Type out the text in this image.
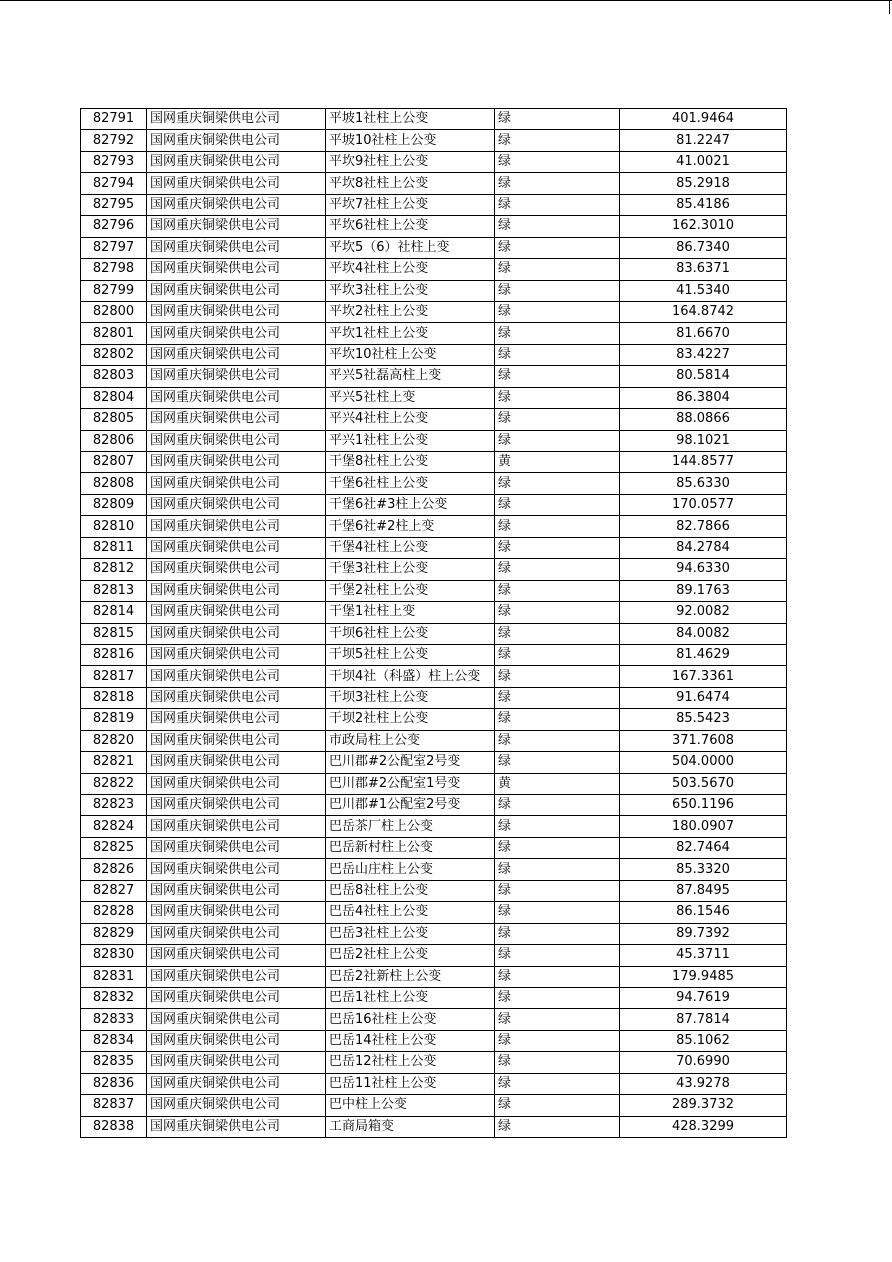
82791	国网重庆铜梁供电公司	平坡1社柱上公变	绿	401.9464
82792	国网重庆铜梁供电公司	平坡10社柱上公变	绿	81.2247
82793	国网重庆铜梁供电公司	平坎9社柱上公变	绿	41.0021
82794	国网重庆铜梁供电公司	平坎8社柱上公变	绿	85.2918
82795	国网重庆铜梁供电公司	平坎7社柱上公变	绿	85.4186
82796	国网重庆铜梁供电公司	平坎6社柱上公变	绿	162.3010
82797	国网重庆铜梁供电公司	平坎5（6）社柱上变	绿	86.7340
82798	国网重庆铜梁供电公司	平坎4社柱上公变	绿	83.6371
82799	国网重庆铜梁供电公司	平坎3社柱上公变	绿	41.5340
82800	国网重庆铜梁供电公司	平坎2社柱上公变	绿	164.8742
82801	国网重庆铜梁供电公司	平坎1社柱上公变	绿	81.6670
82802	国网重庆铜梁供电公司	平坎10社柱上公变	绿	83.4227
82803	国网重庆铜梁供电公司	平兴5社磊高柱上变	绿	80.5814
82804	国网重庆铜梁供电公司	平兴5社柱上变	绿	86.3804
82805	国网重庆铜梁供电公司	平兴4社柱上公变	绿	88.0866
82806	国网重庆铜梁供电公司	平兴1社柱上公变	绿	98.1021
82807	国网重庆铜梁供电公司	干堡8社柱上公变	黄	144.8577
82808	国网重庆铜梁供电公司	干堡6社柱上公变	绿	85.6330
82809	国网重庆铜梁供电公司	干堡6社#3柱上公变	绿	170.0577
82810	国网重庆铜梁供电公司	干堡6社#2柱上变	绿	82.7866
82811	国网重庆铜梁供电公司	干堡4社柱上公变	绿	84.2784
82812	国网重庆铜梁供电公司	干堡3社柱上公变	绿	94.6330
82813	国网重庆铜梁供电公司	干堡2社柱上公变	绿	89.1763
82814	国网重庆铜梁供电公司	干堡1社柱上变	绿	92.0082
82815	国网重庆铜梁供电公司	干坝6社柱上公变	绿	84.0082
82816	国网重庆铜梁供电公司	干坝5社柱上公变	绿	81.4629
82817	国网重庆铜梁供电公司	干坝4社（科盛）柱上公变	绿	167.3361
82818	国网重庆铜梁供电公司	干坝3社柱上公变	绿	91.6474
82819	国网重庆铜梁供电公司	干坝2社柱上公变	绿	85.5423
82820	国网重庆铜梁供电公司	市政局柱上公变	绿	371.7608
82821	国网重庆铜梁供电公司	巴川郡#2公配室2号变	绿	504.0000
82822	国网重庆铜梁供电公司	巴川郡#2公配室1号变	黄	503.5670
82823	国网重庆铜梁供电公司	巴川郡#1公配室2号变	绿	650.1196
82824	国网重庆铜梁供电公司	巴岳茶厂柱上公变	绿	180.0907
82825	国网重庆铜梁供电公司	巴岳新村柱上公变	绿	82.7464
82826	国网重庆铜梁供电公司	巴岳山庄柱上公变	绿	85.3320
82827	国网重庆铜梁供电公司	巴岳8社柱上公变	绿	87.8495
82828	国网重庆铜梁供电公司	巴岳4社柱上公变	绿	86.1546
82829	国网重庆铜梁供电公司	巴岳3社柱上公变	绿	89.7392
82830	国网重庆铜梁供电公司	巴岳2社柱上公变	绿	45.3711
82831	国网重庆铜梁供电公司	巴岳2社新柱上公变	绿	179.9485
82832	国网重庆铜梁供电公司	巴岳1社柱上公变	绿	94.7619
82833	国网重庆铜梁供电公司	巴岳16社柱上公变	绿	87.7814
82834	国网重庆铜梁供电公司	巴岳14社柱上公变	绿	85.1062
82835	国网重庆铜梁供电公司	巴岳12社柱上公变	绿	70.6990
82836	国网重庆铜梁供电公司	巴岳11社柱上公变	绿	43.9278
82837	国网重庆铜梁供电公司	巴中柱上公变	绿	289.3732
82838	国网重庆铜梁供电公司	工商局箱变	绿	428.3299
